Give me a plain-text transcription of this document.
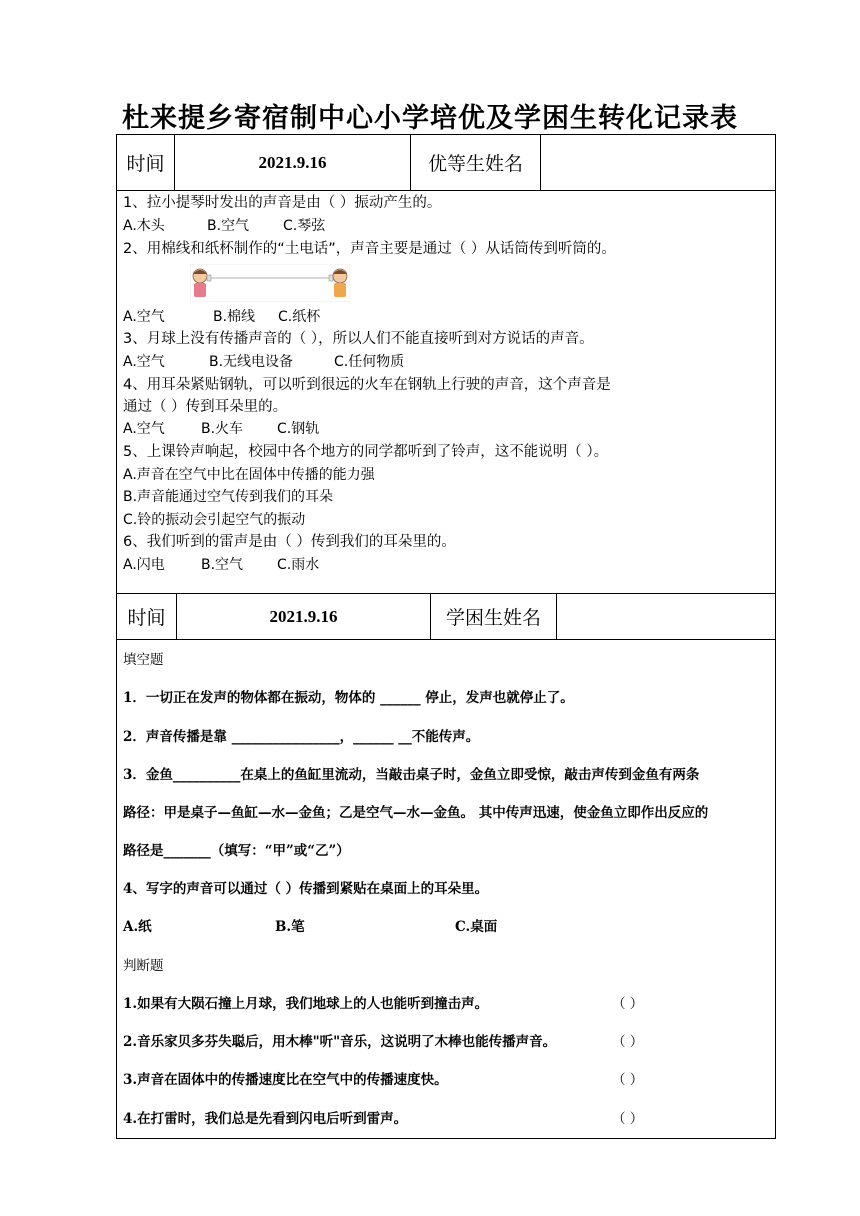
杜来提乡寄宿制中心小学培优及学困生转化记录表
时间	2021.9.16	优等生姓名
1、拉小提琴时发出的声音是由（ ）振动产生的。
A.木头	B.空气 C.琴弦
2、用棉线和纸杯制作的“土电话”，声音主要是通过（ ）从话筒传到听筒的。
A.空气	B.棉线 C.纸杯
3、月球上没有传播声音的（ ），所以人们不能直接听到对方说话的声音。
A.空气	B.无线电设备	C.任何物质
4、用耳朵紧贴钢轨，可以听到很远的火车在钢轨上行驶的声音，这个声音是
通过（ ）传到耳朵里的。
A.空气	B.火车 C.钢轨
5、上课铃声响起，校园中各个地方的同学都听到了铃声，这不能说明（ ）。
A.声音在空气中比在固体中传播的能力强
B.声音能通过空气传到我们的耳朵
C.铃的振动会引起空气的振动
6、我们听到的雷声是由（ ）传到我们的耳朵里的。
A.闪电	B.空气 C.雨水
时间	2021.9.16	学困生姓名
填空题
1．一切正在发声的物体都在振动，物体的 ______ 停止，发声也就停止了。
2．声音传播是靠 ________________，______ __不能传声。
3．金鱼__________在桌上的鱼缸里流动，当敲击桌子时，金鱼立即受惊，敲击声传到金鱼有两条
路径：甲是桌子—鱼缸—水—金鱼；乙是空气—水—金鱼。 其中传声迅速，使金鱼立即作出反应的
路径是_______（填写：“甲”或“乙”）
4、写字的声音可以通过（ ）传播到紧贴在桌面上的耳朵里。
A.纸	B.笔	C.桌面
判断题
1.如果有大陨石撞上月球，我们地球上的人也能听到撞击声。	（ ）
2.音乐家贝多芬失聪后，用木棒"听"音乐，这说明了木棒也能传播声音。	（ ）
3.声音在固体中的传播速度比在空气中的传播速度快。	（ ）
4.在打雷时，我们总是先看到闪电后听到雷声。	（ ）
